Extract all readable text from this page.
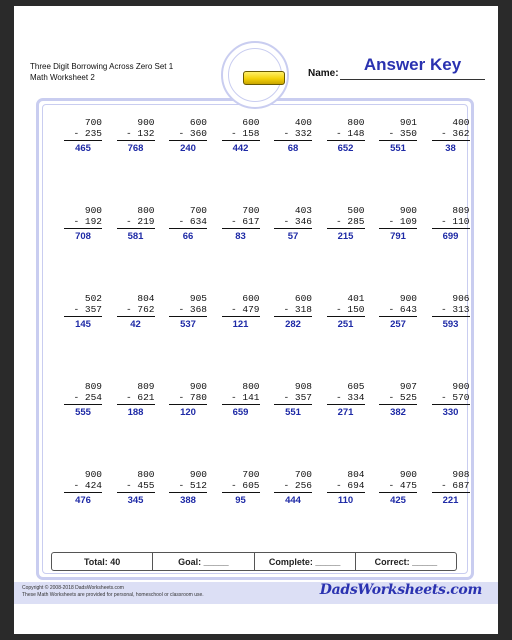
Three Digit Borrowing Across Zero Set 1
Math Worksheet 2	Name:	Answer Key
700
- 235
465
900
- 132
768
600
- 360
240
600
- 158
442
400
- 332
68
800
- 148
652
901
- 350
551
400
- 362
38
900
- 192
708
800
- 219
581
700
- 634
66
700
- 617
83
403
- 346
57
500
- 285
215
900
- 109
791
809
- 110
699
502
- 357
145
804
- 762
42
905
- 368
537
600
- 479
121
600
- 318
282
401
- 150
251
900
- 643
257
906
- 313
593
809
- 254
555
809
- 621
188
900
- 780
120
800
- 141
659
908
- 357
551
605
- 334
271
907
- 525
382
900
- 570
330
900
- 424
476
800
- 455
345
900
- 512
388
700
- 605
95
700
- 256
444
804
- 694
110
900
- 475
425
908
- 687
221
Total: 40	Goal: _____	Complete: _____	Correct: _____
Copyright © 2008-2018 DadsWorksheets.com
These Math Worksheets are provided for personal, homeschool or classroom use.	DadsWorksheets.com
